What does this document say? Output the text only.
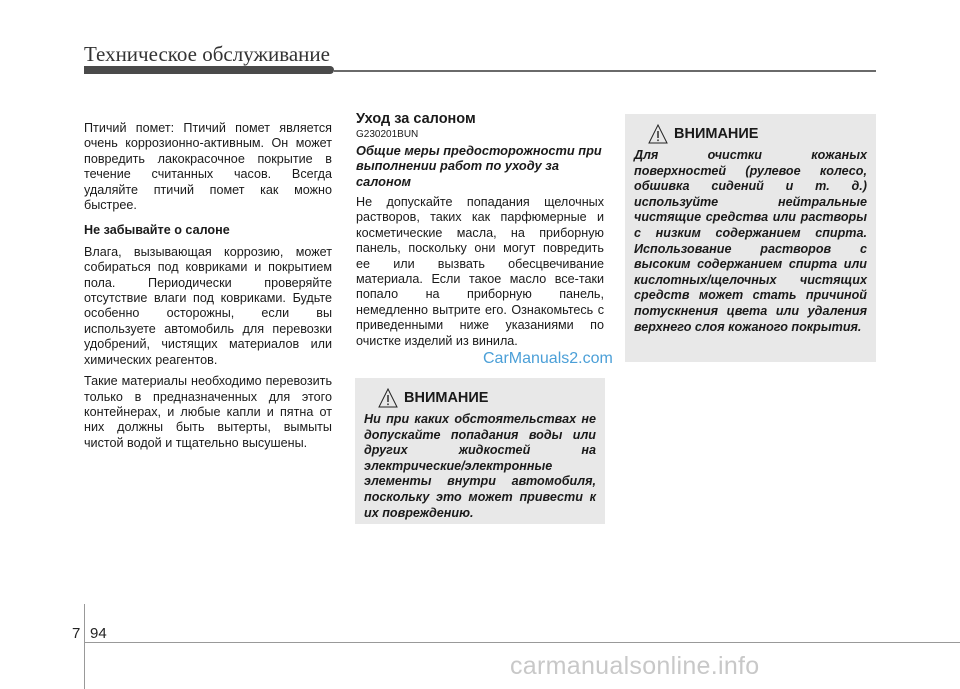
Техническое обслуживание

Птичий помет: Птичий помет является очень коррозионно-активным. Он может повредить лакокрасочное покрытие в течение считанных часов. Всегда удаляйте птичий помет как можно быстрее.

Не забывайте о салоне

Влага, вызывающая коррозию, может собираться под ковриками и покрытием пола. Периодически проверяйте отсутствие влаги под ковриками. Будьте особенно осторожны, если вы используете автомобиль для перевозки удобрений, чистящих материалов или химических реагентов.

Такие материалы необходимо перевозить только в предназначенных для этого контейнерах, и любые капли и пятна от них должны быть вытерты, вымыты чистой водой и тщательно высушены.

Уход за салоном

G230201BUN

Общие меры предосторожности при выполнении работ по уходу за салоном

Не допускайте попадания щелочных растворов, таких как парфюмерные и косметические масла, на приборную панель, поскольку они могут повредить ее или вызвать обесцвечивание материала. Если такое масло все-таки попало на приборную панель, немедленно вытрите его. Ознакомьтесь с приведенными ниже указаниями по очистке изделий из винила.

CarManuals2.com
ВНИМАНИЕ

Ни при каких обстоятельствах не допускайте попадания воды или других жидкостей на электрические/электронные элементы внутри автомобиля, поскольку это может привести к их повреждению.

ВНИМАНИЕ

Для очистки кожаных поверхностей (рулевое колесо, обшивка сидений и т. д.) используйте нейтральные чистящие средства или растворы с низким содержанием спирта. Использование растворов с высоким содержанием спирта или кислотных/щелочных чистящих средств может стать причиной потускнения цвета или удаления верхнего слоя кожаного покрытия.

7 94
carmanualsonline.info
